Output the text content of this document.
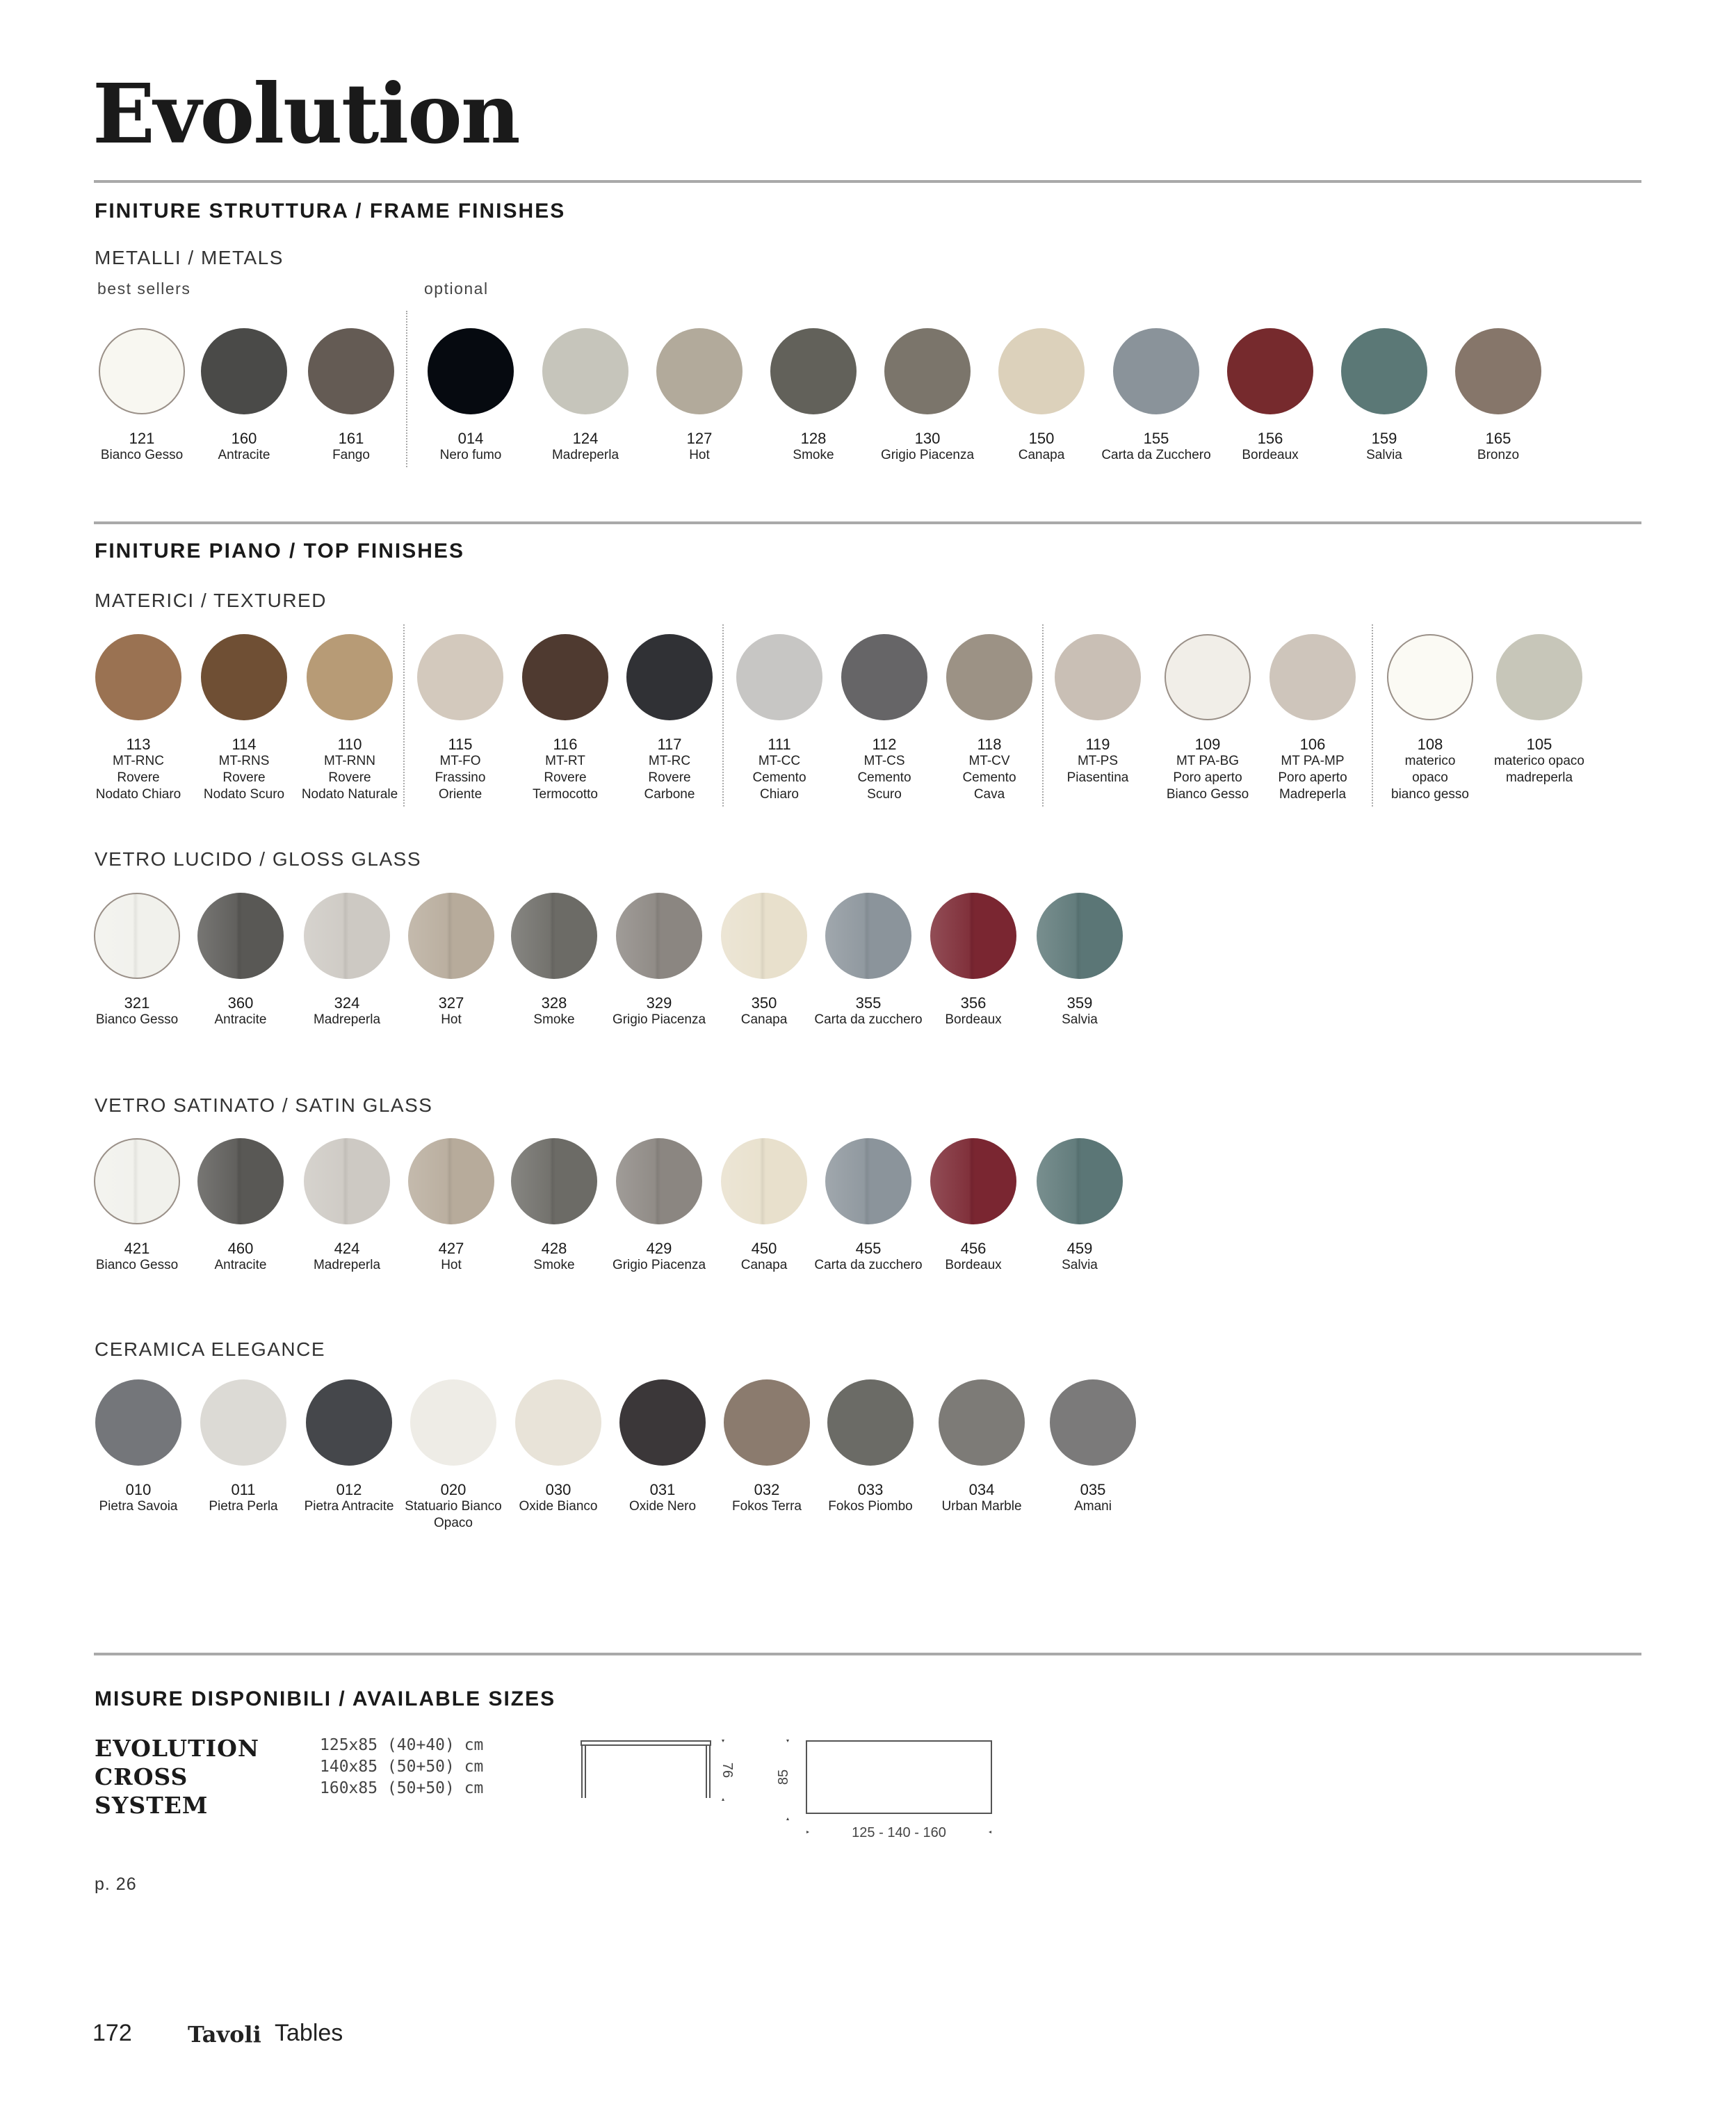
Evolution
FINITURE STRUTTURA / FRAME FINISHES
METALLI / METALS
best sellers	optional
121
Bianco Gesso
160
Antracite
161
Fango
014
Nero fumo
124
Madreperla
127
Hot
128
Smoke
130
Grigio Piacenza
150
Canapa
155
Carta da Zucchero
156
Bordeaux
159
Salvia
165
Bronzo
FINITURE PIANO / TOP FINISHES
MATERICI / TEXTURED
113
MT-RNC
Rovere
Nodato Chiaro
114
MT-RNS
Rovere
Nodato Scuro
110
MT-RNN
Rovere
Nodato Naturale
115
MT-FO
Frassino
Oriente
116
MT-RT
Rovere
Termocotto
117
MT-RC
Rovere
Carbone
111
MT-CC
Cemento
Chiaro
112
MT-CS
Cemento
Scuro
118
MT-CV
Cemento
Cava
119
MT-PS
Piasentina
109
MT PA-BG
Poro aperto
Bianco Gesso
106
MT PA-MP
Poro aperto
Madreperla
108
materico
opaco
bianco gesso
105
materico opaco
madreperla
VETRO LUCIDO / GLOSS GLASS
321
Bianco Gesso
360
Antracite
324
Madreperla
327
Hot
328
Smoke
329
Grigio Piacenza
350
Canapa
355
Carta da zucchero
356
Bordeaux
359
Salvia
VETRO SATINATO / SATIN GLASS
421
Bianco Gesso
460
Antracite
424
Madreperla
427
Hot
428
Smoke
429
Grigio Piacenza
450
Canapa
455
Carta da zucchero
456
Bordeaux
459
Salvia
CERAMICA ELEGANCE
010
Pietra Savoia
011
Pietra Perla
012
Pietra Antracite
020
Statuario Bianco Opaco
030
Oxide Bianco
031
Oxide Nero
032
Fokos Terra
033
Fokos Piombo
034
Urban Marble
035
Amani
MISURE DISPONIBILI / AVAILABLE SIZES
EVOLUTION
CROSS
SYSTEM
p. 26
125x85 (40+40) cm
140x85 (50+50) cm
160x85 (50+50) cm
76	85
125 - 140 - 160
172	Tavoli Tables
